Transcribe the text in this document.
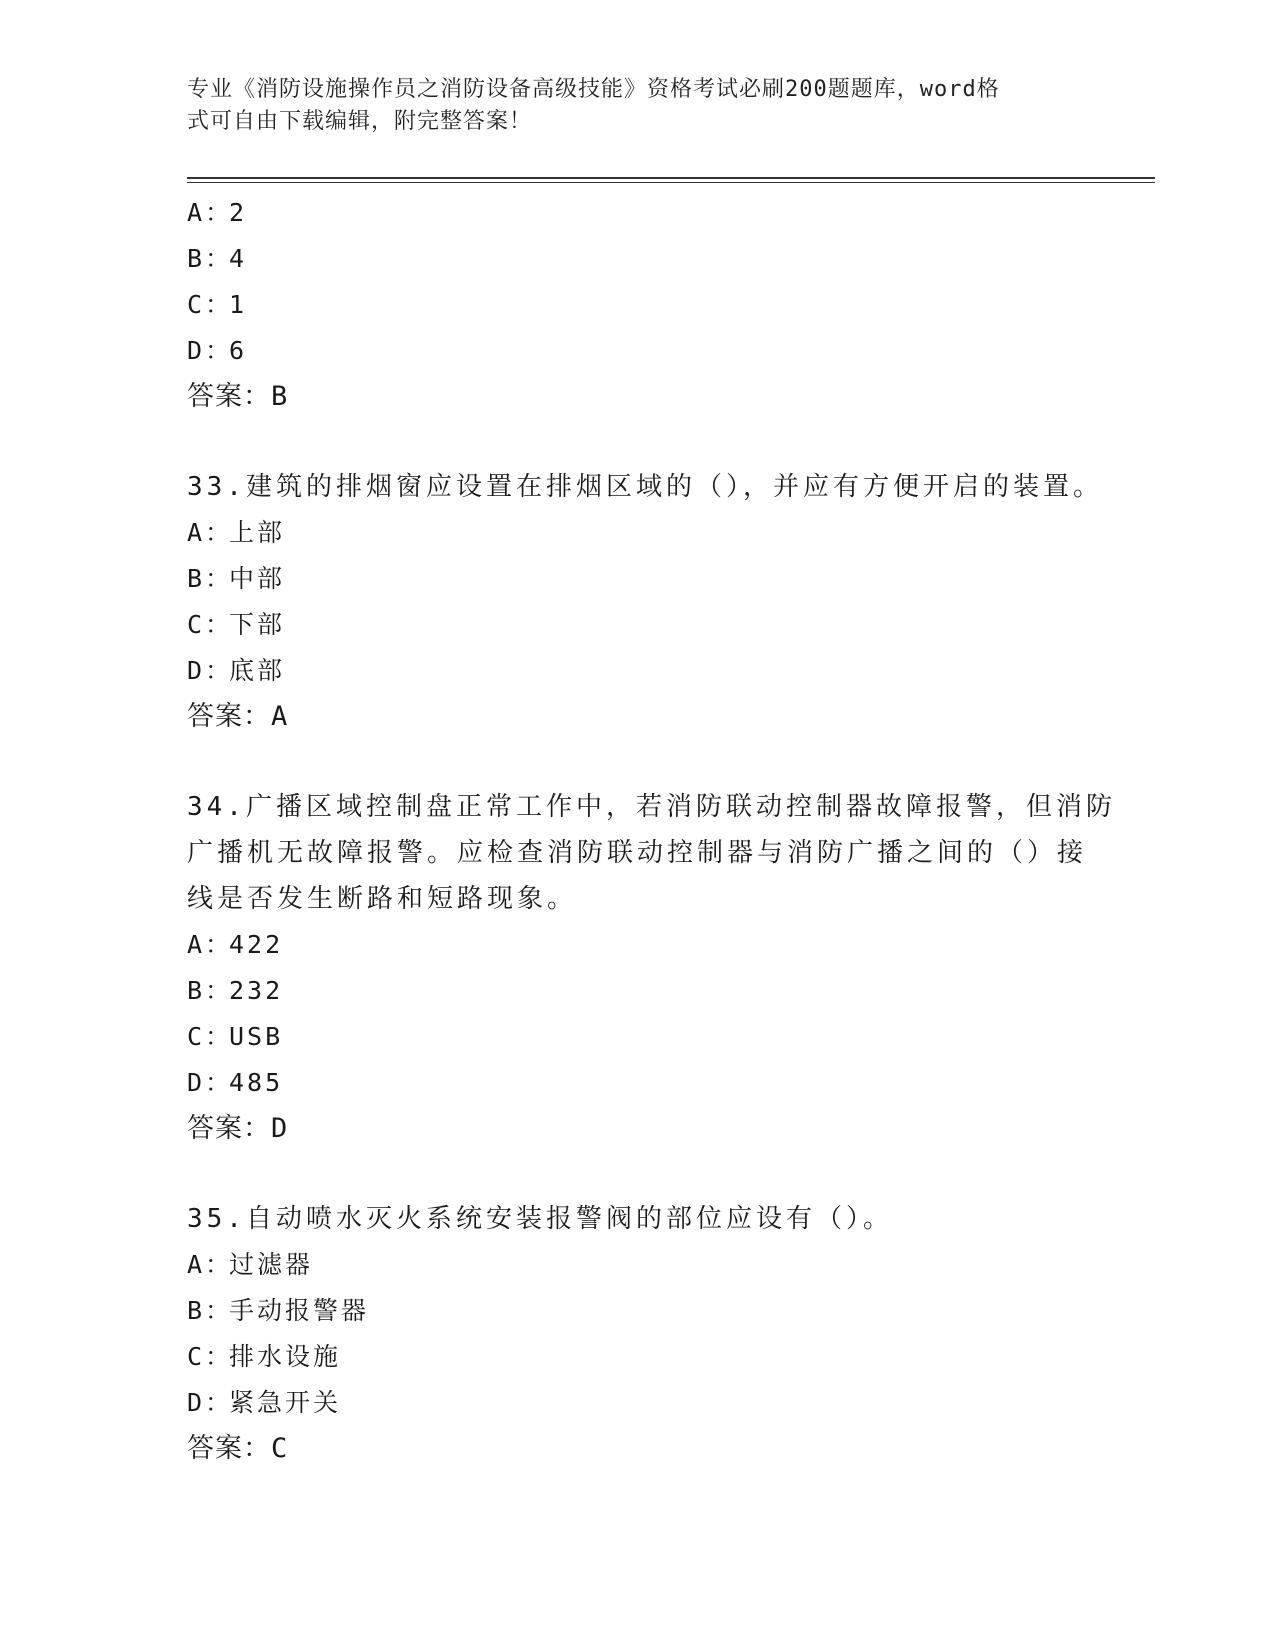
专业《消防设施操作员之消防设备高级技能》资格考试必刷200题题库，word格
式可自由下载编辑，附完整答案！
A：2
B：4
C：1
D：6
答案：B
33.建筑的排烟窗应设置在排烟区域的（），并应有方便开启的装置。
A：上部
B：中部
C：下部
D：底部
答案：A
34.广播区域控制盘正常工作中，若消防联动控制器故障报警，但消防
广播机无故障报警。应检查消防联动控制器与消防广播之间的（）接
线是否发生断路和短路现象。
A：422
B：232
C：USB
D：485
答案：D
35.自动喷水灭火系统安装报警阀的部位应设有（）。
A：过滤器
B：手动报警器
C：排水设施
D：紧急开关
答案：C
